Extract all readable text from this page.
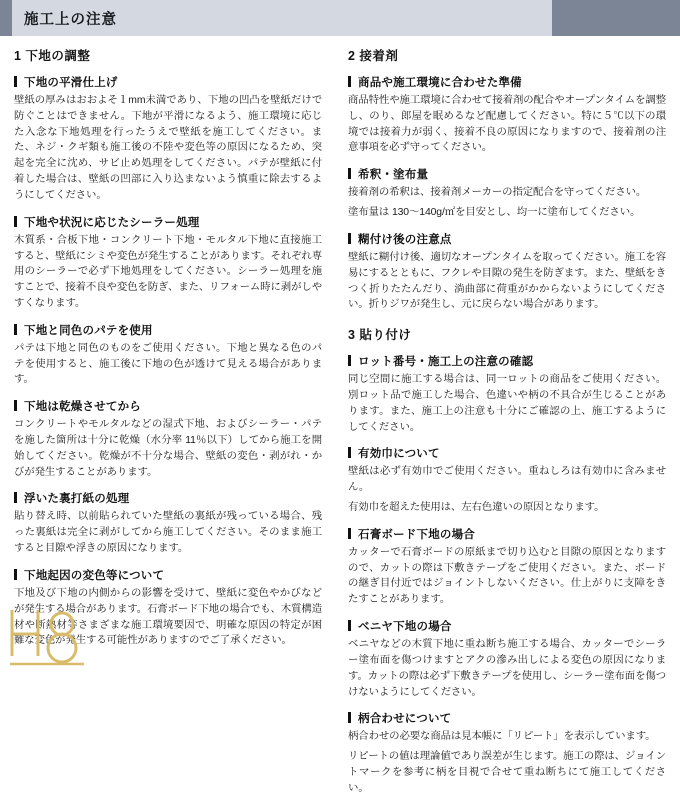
施工上の注意
1 下地の調整
下地の平滑仕上げ

壁紙の厚みはおおよそ１mm未満であり、下地の凹凸を壁紙だけで防ぐことはできません。下地が平滑になるよう、施工環境に応じた入念な下地処理を行ったうえで壁紙を施工してください。また、ネジ・クギ類も施工後の不陸や変色等の原因になるため、突起を完全に沈め、サビ止め処理をしてください。パテが壁紙に付着した場合は、壁紙の凹部に入り込まないよう慎重に除去するようにしてください。

下地や状況に応じたシーラー処理

木質系・合板下地・コンクリート下地・モルタル下地に直接施工すると、壁紙にシミや変色が発生することがあります。それぞれ専用のシーラーで必ず下地処理をしてください。シーラー処理を施すことで、接着不良や変色を防ぎ、また、リフォーム時に剥がしやすくなります。

下地と同色のパテを使用

パテは下地と同色のものをご使用ください。下地と異なる色のパテを使用すると、施工後に下地の色が透けて見える場合があります。

下地は乾燥させてから

コンクリートやモルタルなどの湿式下地、およびシーラー・パテを施した箇所は十分に乾燥（水分率 11％以下）してから施工を開始してください。乾燥が不十分な場合、壁紙の変色・剥がれ・かびが発生することがあります。

浮いた裏打紙の処理

貼り替え時、以前貼られていた壁紙の裏紙が残っている場合、残った裏紙は完全に剥がしてから施工してください。そのまま施工すると目隙や浮きの原因になります。

下地起因の変色等について

下地及び下地の内側からの影響を受けて、壁紙に変色やかびなどが発生する場合があります。石膏ボード下地の場合でも、木質構造材や断熱材等さまざまな施工環境要因で、明確な原因の特定が困難な変色が発生する可能性がありますのでご了承ください。

2 接着剤
商品や施工環境に合わせた準備

商品特性や施工環境に合わせて接着剤の配合やオープンタイムを調整し、のり、郎屋を眠めるなど配慮してください。特に５℃以下の環境では接着力が弱く、接着不良の原因になりますので、接着剤の注意事項を必ず守ってください。

希釈・塗布量

接着剤の希釈は、接着剤メーカーの指定配合を守ってください。

塗布量は 130〜140g/㎡を目安とし、均一に塗布してください。

糊付け後の注意点

壁紙に糊付け後、適切なオープンタイムを取ってください。施工を容易にするとともに、フクレや目隙の発生を防ぎます。また、壁紙をきつく折りたたんだり、淌曲部に荷重がかからないようにしてください。折りジワが発生し、元に戻らない場合があります。

3 貼り付け
ロット番号・施工上の注意の確認

同じ空間に施工する場合は、同一ロットの商品をご使用ください。別ロット品で施工した場合、色違いや柄の不具合が生じることがあります。また、施工上の注意も十分にご確認の上、施工するようにしてください。

有効巾について

壁紙は必ず有効巾でご使用ください。重ねしろは有効巾に含みません。

有効巾を超えた使用は、左右色違いの原因となります。

石膏ボード下地の場合

カッターで石膏ボードの原紙まで切り込むと目隙の原因となりますので、カットの際は下敷きテープをご使用ください。また、ボードの継ぎ目付近ではジョイントしないください。仕上がりに支障をきたすことがあります。

ベニヤ下地の場合

ベニヤなどの木質下地に重ね断ち施工する場合、カッターでシーラー塗布面を傷つけますとアクの滲み出しによる変色の原因になります。カットの際は必ず下敷きテープを使用し、シーラー塗布面を傷つけないようにしてください。

柄合わせについて

柄合わせの必要な商品は見本帳に「リピート」を表示しています。

リピートの値は理論値であり誤差が生じます。施工の際は、ジョイントマークを参考に柄を目視で合せて重ね断ちにて施工してください。
